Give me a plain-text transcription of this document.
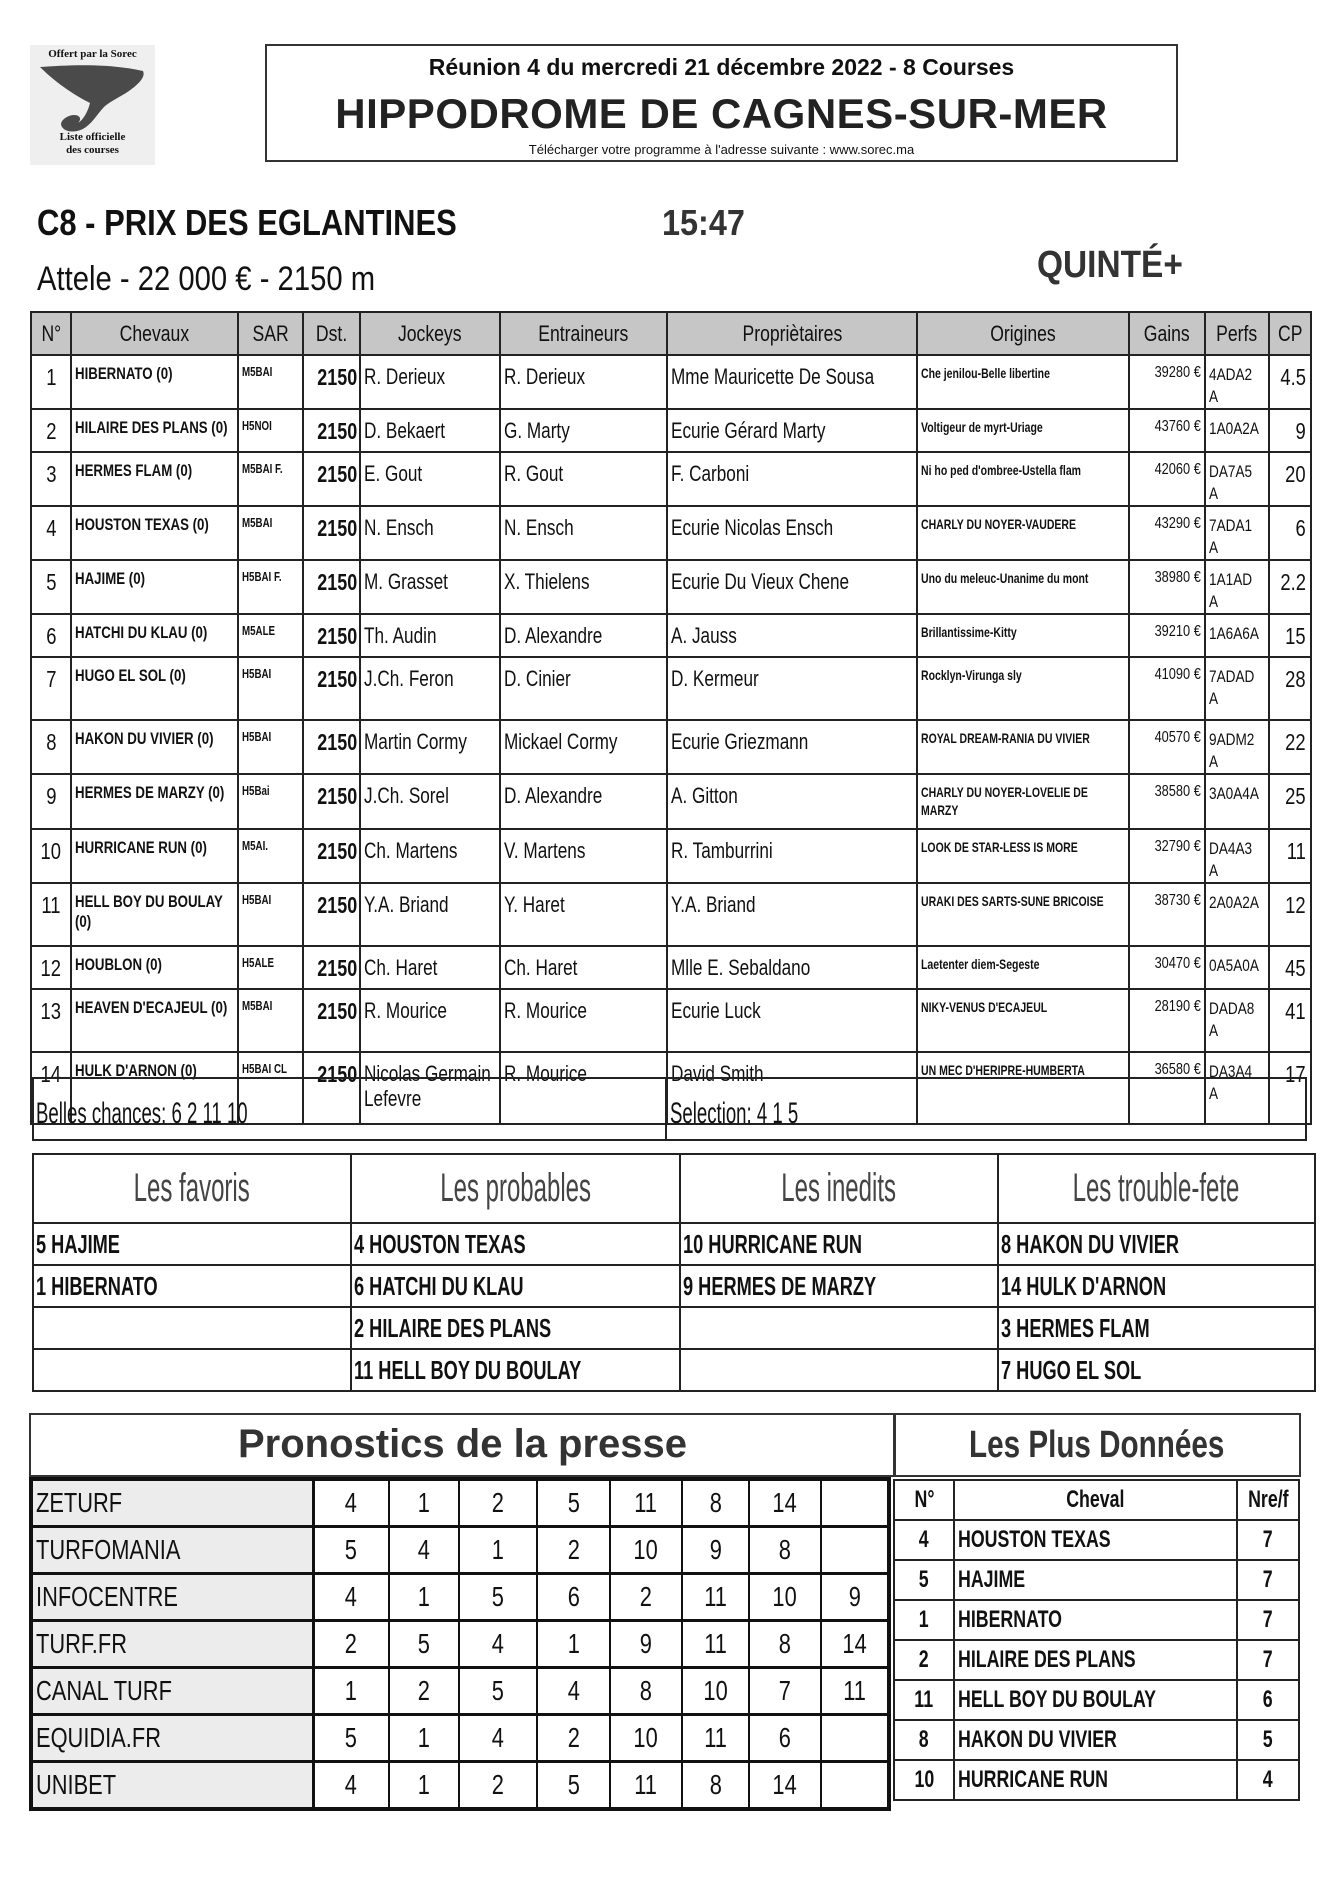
Offert par la Sorec
Liste officielle
des courses
Réunion 4 du mercredi 21 décembre 2022 - 8 Courses
HIPPODROME DE CAGNES-SUR-MER
Télécharger votre programme à l'adresse suivante : www.sorec.ma
C8 - PRIX DES EGLANTINES	15:47
Attele - 22 000 € - 2150 m	QUINTÉ+
N°	Chevaux	SAR	Dst.	Jockeys	Entraineurs	Propriètaires	Origines	Gains	Perfs	CP
1	HIBERNATO (0)	M5BAI	2150	R. Derieux	R. Derieux	Mme Mauricette De Sousa	Che jenilou-Belle libertine	39280 €	4ADA2A	4.5
2	HILAIRE DES PLANS (0)	H5NOI	2150	D. Bekaert	G. Marty	Ecurie Gérard Marty	Voltigeur de myrt-Uriage	43760 €	1A0A2A	9
3	HERMES FLAM (0)	M5BAI F.	2150	E. Gout	R. Gout	F. Carboni	Ni ho ped d'ombree-Ustella flam	42060 €	DA7A5A	20
4	HOUSTON TEXAS (0)	M5BAI	2150	N. Ensch	N. Ensch	Ecurie Nicolas Ensch	CHARLY DU NOYER-VAUDERE	43290 €	7ADA1A	6
5	HAJIME (0)	H5BAI F.	2150	M. Grasset	X. Thielens	Ecurie Du Vieux Chene	Uno du meleuc-Unanime du mont	38980 €	1A1ADA	2.2
6	HATCHI DU KLAU (0)	M5ALE	2150	Th. Audin	D. Alexandre	A. Jauss	Brillantissime-Kitty	39210 €	1A6A6A	15
7	HUGO EL SOL (0)	H5BAI	2150	J.Ch. Feron	D. Cinier	D. Kermeur	Rocklyn-Virunga sly	41090 €	7ADADA	28
8	HAKON DU VIVIER (0)	H5BAI	2150	Martin Cormy	Mickael Cormy	Ecurie Griezmann	ROYAL DREAM-RANIA DU VIVIER	40570 €	9ADM2A	22
9	HERMES DE MARZY (0)	H5Bai	2150	J.Ch. Sorel	D. Alexandre	A. Gitton	CHARLY DU NOYER-LOVELIE DE MARZY	38580 €	3A0A4A	25
10	HURRICANE RUN (0)	M5AI.	2150	Ch. Martens	V. Martens	R. Tamburrini	LOOK DE STAR-LESS IS MORE	32790 €	DA4A3A	11
11	HELL BOY DU BOULAY (0)	H5BAI	2150	Y.A. Briand	Y. Haret	Y.A. Briand	URAKI DES SARTS-SUNE BRICOISE	38730 €	2A0A2A	12
12	HOUBLON (0)	H5ALE	2150	Ch. Haret	Ch. Haret	Mlle E. Sebaldano	Laetenter diem-Segeste	30470 €	0A5A0A	45
13	HEAVEN D'ECAJEUL (0)	M5BAI	2150	R. Mourice	R. Mourice	Ecurie Luck	NIKY-VENUS D'ECAJEUL	28190 €	DADA8A	41
14	HULK D'ARNON (0)	H5BAI CL	2150	Nicolas Germain Lefevre	R. Mourice	David Smith	UN MEC D'HERIPRE-HUMBERTA	36580 €	DA3A4A	17
Belles chances: 6 2 11 10	Selection: 4 1 5
Les favoris	Les probables	Les inedits	Les trouble-fete
5 HAJIME	4 HOUSTON TEXAS	10 HURRICANE RUN	8 HAKON DU VIVIER
1 HIBERNATO	6 HATCHI DU KLAU	9 HERMES DE MARZY	14 HULK D'ARNON
	2 HILAIRE DES PLANS		3 HERMES FLAM
	11 HELL BOY DU BOULAY		7 HUGO EL SOL
Pronostics de la presse
ZETURF	4	1	2	5	11	8	14	
TURFOMANIA	5	4	1	2	10	9	8	
INFOCENTRE	4	1	5	6	2	11	10	9
TURF.FR	2	5	4	1	9	11	8	14
CANAL TURF	1	2	5	4	8	10	7	11
EQUIDIA.FR	5	1	4	2	10	11	6	
UNIBET	4	1	2	5	11	8	14	
Les Plus Données
N°	Cheval	Nre/f
4	HOUSTON TEXAS	7
5	HAJIME	7
1	HIBERNATO	7
2	HILAIRE DES PLANS	7
11	HELL BOY DU BOULAY	6
8	HAKON DU VIVIER	5
10	HURRICANE RUN	4
